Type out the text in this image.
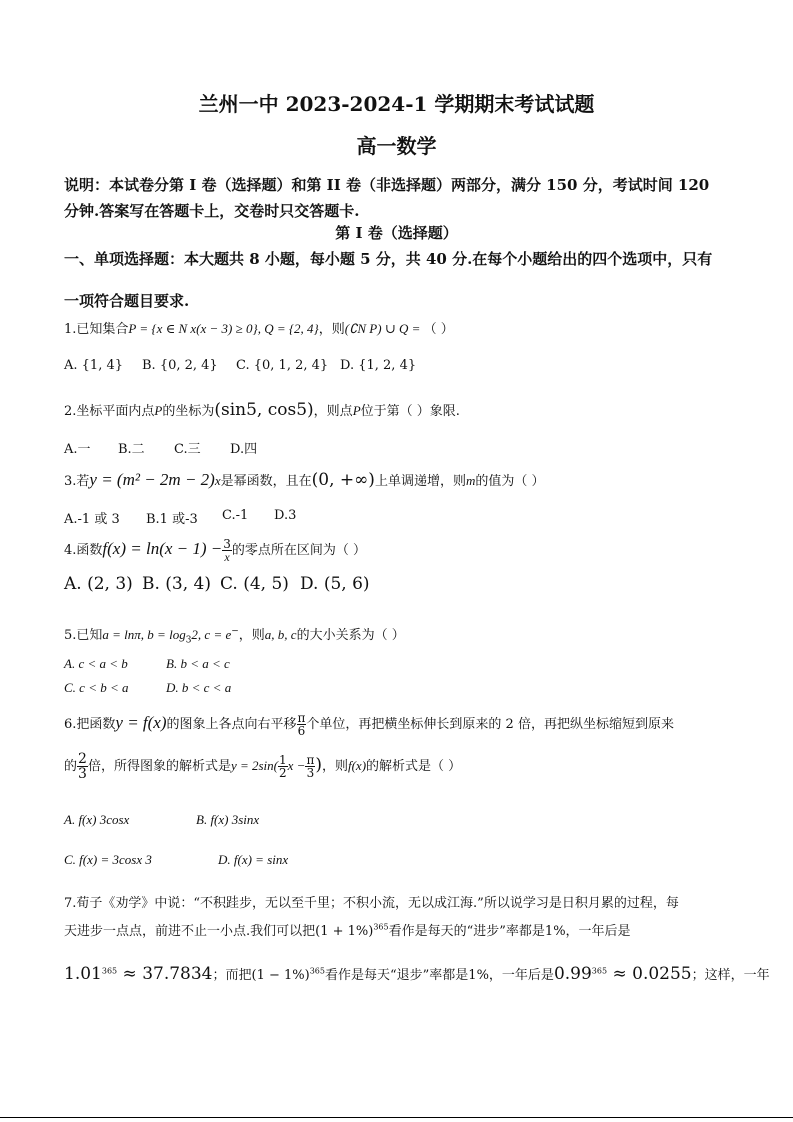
兰州一中 2023-2024-1 学期期末考试试题
高一数学
说明：本试卷分第 I 卷（选择题）和第 II 卷（非选择题）两部分，满分 150 分，考试时间 120
分钟.答案写在答题卡上，交卷时只交答题卡.
第 I 卷（选择题）
一、单项选择题：本大题共 8 小题，每小题 5 分，共 40 分.在每个小题给出的四个选项中，只有
一项符合题目要求.
1.已知集合P = {x ∈ N x(x − 3) ≥ 0}, Q = {2, 4}，则(∁N P) ∪ Q = （ ）
A. {1, 4} B. {0, 2, 4} C. {0, 1, 2, 4} D. {1, 2, 4}
2.坐标平面内点P的坐标为(sin5, cos5)，则点P位于第（ ）象限.
A.一 B.二 C.三 D.四
3.若y = (m² − 2m − 2)x是幂函数，且在(0, +∞)上单调递增，则m的值为（ ）
A.-1 或 3 B.1 或-3 C.-1 D.3
4.函数$f(x) = \ln(x - 1) - \frac{3}{x}$ 的零点所在区间为（ ）
A. (2, 3) B. (3, 4) C. (4, 5) D. (5, 6)
5.已知a = lnπ, $b = \log_32$, c = e−，则a, b, c的大小关系为（ ）
A. c < a < b	B. b < a < c
C. c < b < a	D. b < c < a
6.把函数y = f(x)的图象上各点向右平移 $\frac{\pi}{6}$ 个单位，再把横坐标伸长到原来的 2 倍，再把纵坐标缩短到原来
的 $\frac{2}{3}$ 倍，所得图象的解析式是$y = 2\sin( \frac{1}{2}$ $x - \frac{\pi}{3}$ )，则f(x)的解析式是（ ）
A. f(x) 3cosx	B. f(x) 3sinx
C. f(x) = 3cosx 3	D. f(x) = sinx
7.荀子《劝学》中说：“不积跬步，无以至千里；不积小流，无以成江海.”所以说学习是日积月累的过程，每
天进步一点点，前进不止一小点.我们可以把$(1 + 1\%)^{365}$看作是每天的“进步”率都是1%，一年后是
$1.01^{365} \approx 37.7834$；而把$(1 - 1\%)^{365}$看作是每天“退步”率都是1%，一年后是$0.99^{365} \approx 0.0255$；这样，一年
